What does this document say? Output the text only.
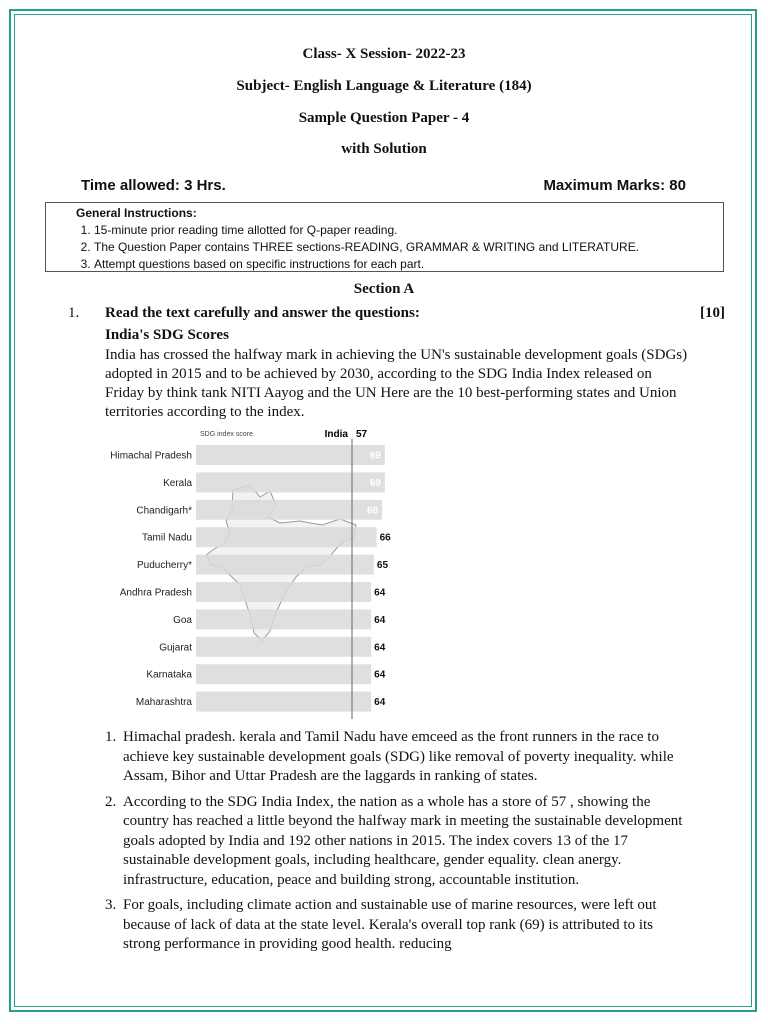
Class- X Session- 2022-23
Subject- English Language & Literature (184)
Sample Question Paper - 4
with Solution
Time allowed: 3 Hrs.	Maximum Marks: 80
General Instructions:
1. 15-minute prior reading time allotted for Q-paper reading.
2. The Question Paper contains THREE sections-READING, GRAMMAR & WRITING and LITERATURE.
3. Attempt questions based on specific instructions for each part.
Section A
1. Read the text carefully and answer the questions:	[10]
India's SDG Scores
India has crossed the halfway mark in achieving the UN's sustainable development goals (SDGs) adopted in 2015 and to be achieved by 2030, according to the SDG India Index released on Friday by think tank NITI Aayog and the UN Here are the 10 best-performing states and Union territories according to the index.
SDG index score	India 57
Himachal Pradesh	69
Kerala	69
Chandigarh*	68
Tamil Nadu	66
Puducherry*	65
Andhra Pradesh	64
Goa	64
Gujarat	64
Karnataka	64
Maharashtra	64
1. Himachal pradesh. kerala and Tamil Nadu have emceed as the front runners in the race to achieve key sustainable development goals (SDG) like removal of poverty inequality. while Assam, Bihor and Uttar Pradesh are the laggards in ranking of states.
2. According to the SDG India Index, the nation as a whole has a store of 57 , showing the country has reached a little beyond the halfway mark in meeting the sustainable development goals adopted by India and 192 other nations in 2015. The index covers 13 of the 17 sustainable development goals, including healthcare, gender equality. clean anergy. infrastructure, education, peace and building strong, accountable institution.
3. For goals, including climate action and sustainable use of marine resources, were left out because of lack of data at the state level. Kerala's overall top rank (69) is attributed to its strong performance in providing good health. reducing
